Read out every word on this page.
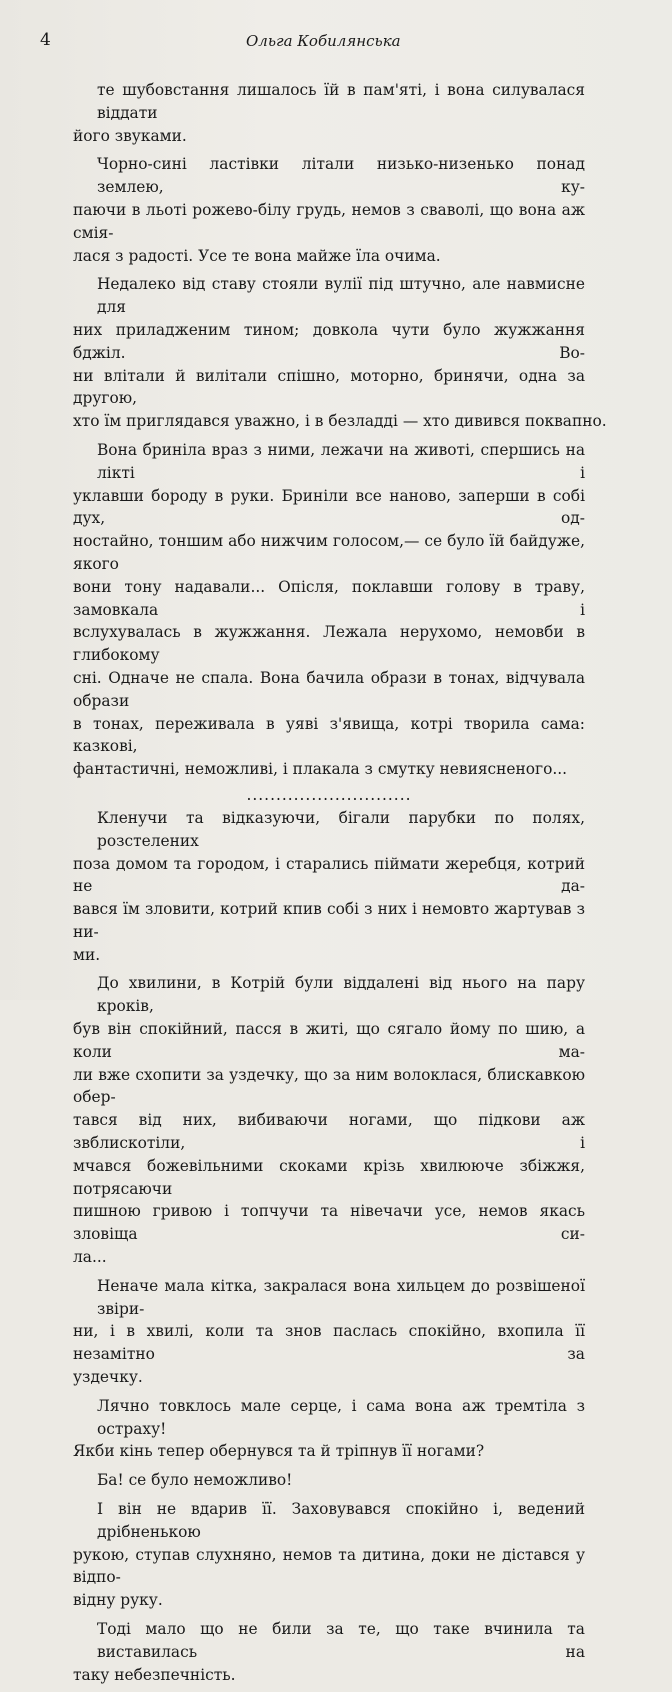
4	Ольга Кобилянська
те шубовстання лишалось їй в пам'яті, і вона силувалася віддати
його звуками.
Чорно-сині ластівки літали низько-низенько понад землею, ку-
паючи в льоті рожево-білу грудь, немов з сваволі, що вона аж смія-
лася з радості. Усе те вона майже їла очима.
Недалеко від ставу стояли вулії під штучно, але навмисне для
них приладженим тином; довкола чути було жужжання бджіл. Во-
ни влітали й вилітали спішно, моторно, бринячи, одна за другою,
хто їм приглядався уважно, і в безладді — хто дивився поквапно.
Вона бриніла враз з ними, лежачи на животі, спершись на лікті і
уклавши бороду в руки. Бриніли все наново, заперши в собі дух, од-
ностайно, тоншим або нижчим голосом,— се було їй байдуже, якого
вони тону надавали... Опісля, поклавши голову в траву, замовкала і
вслухувалась в жужжання. Лежала нерухомо, немовби в глибокому
сні. Одначе не спала. Вона бачила образи в тонах, відчувала образи
в тонах, переживала в уяві з'явища, котрі творила сама: казкові,
фантастичні, неможливі, і плакала з смутку невиясненого...
............................
Кленучи та відказуючи, бігали парубки по полях, розстелених
поза домом та городом, і старались піймати жеребця, котрий не да-
вався їм зловити, котрий кпив собі з них і немовто жартував з ни-
ми.
До хвилини, в Котрій були віддалені від нього на пару кроків,
був він спокійний, пасся в житі, що сягало йому по шию, а коли ма-
ли вже схопити за уздечку, що за ним волоклася, блискавкою обер-
тався від них, вибиваючи ногами, що підкови аж звблискотіли, і
мчався божевільними скоками крізь хвилююче збіжжя, потрясаючи
пишною гривою і топчучи та нівечачи усе, немов якась зловіща си-
ла...
Неначе мала кітка, закралася вона хильцем до розвішеної звіри-
ни, і в хвилі, коли та знов паслась спокійно, вхопила її незамітно за
уздечку.
Лячно товклось мале серце, і сама вона аж тремтіла з остраху!
Якби кінь тепер обернувся та й тріпнув її ногами?
Ба! се було неможливо!
І він не вдарив її. Заховувався спокійно і, ведений дрібненькою
рукою, ступав слухняно, немов та дитина, доки не дістався у відпо-
відну руку.
Тоді мало що не били за те, що таке вчинила та виставилась на
таку небезпечність.
